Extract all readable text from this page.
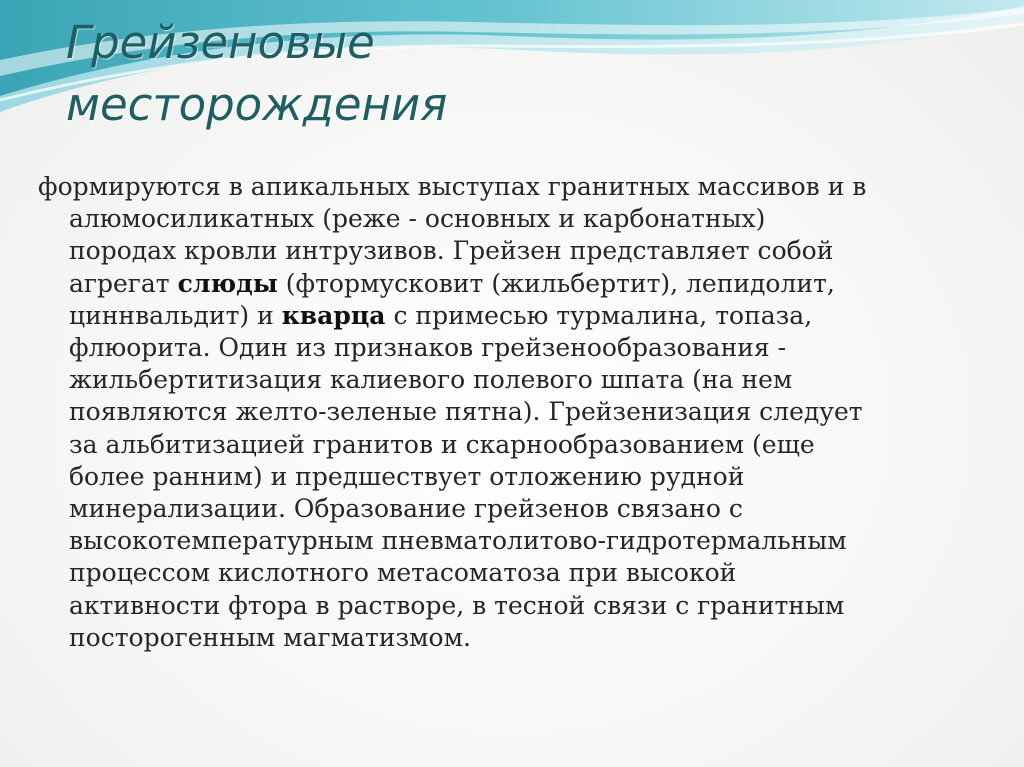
Грейзеновые
месторождения

формируются в апикальных выступах гранитных массивов и в
алюмосиликатных (реже - основных и карбонатных)
породах кровли интрузивов. Грейзен представляет собой
агрегат слюды (фтормусковит (жильбертит), лепидолит,
циннвальдит) и кварца с примесью турмалина, топаза,
флюорита. Один из признаков грейзенообразования -
жильбертитизация калиевого полевого шпата (на нем
появляются желто-зеленые пятна). Грейзенизация следует
за альбитизацией гранитов и скарнообразованием (еще
более ранним) и предшествует отложению рудной
минерализации. Образование грейзенов связано с
высокотемпературным пневматолитово-гидротермальным
процессом кислотного метасоматоза при высокой
активности фтора в растворе, в тесной связи с гранитным
посторогенным магматизмом.
